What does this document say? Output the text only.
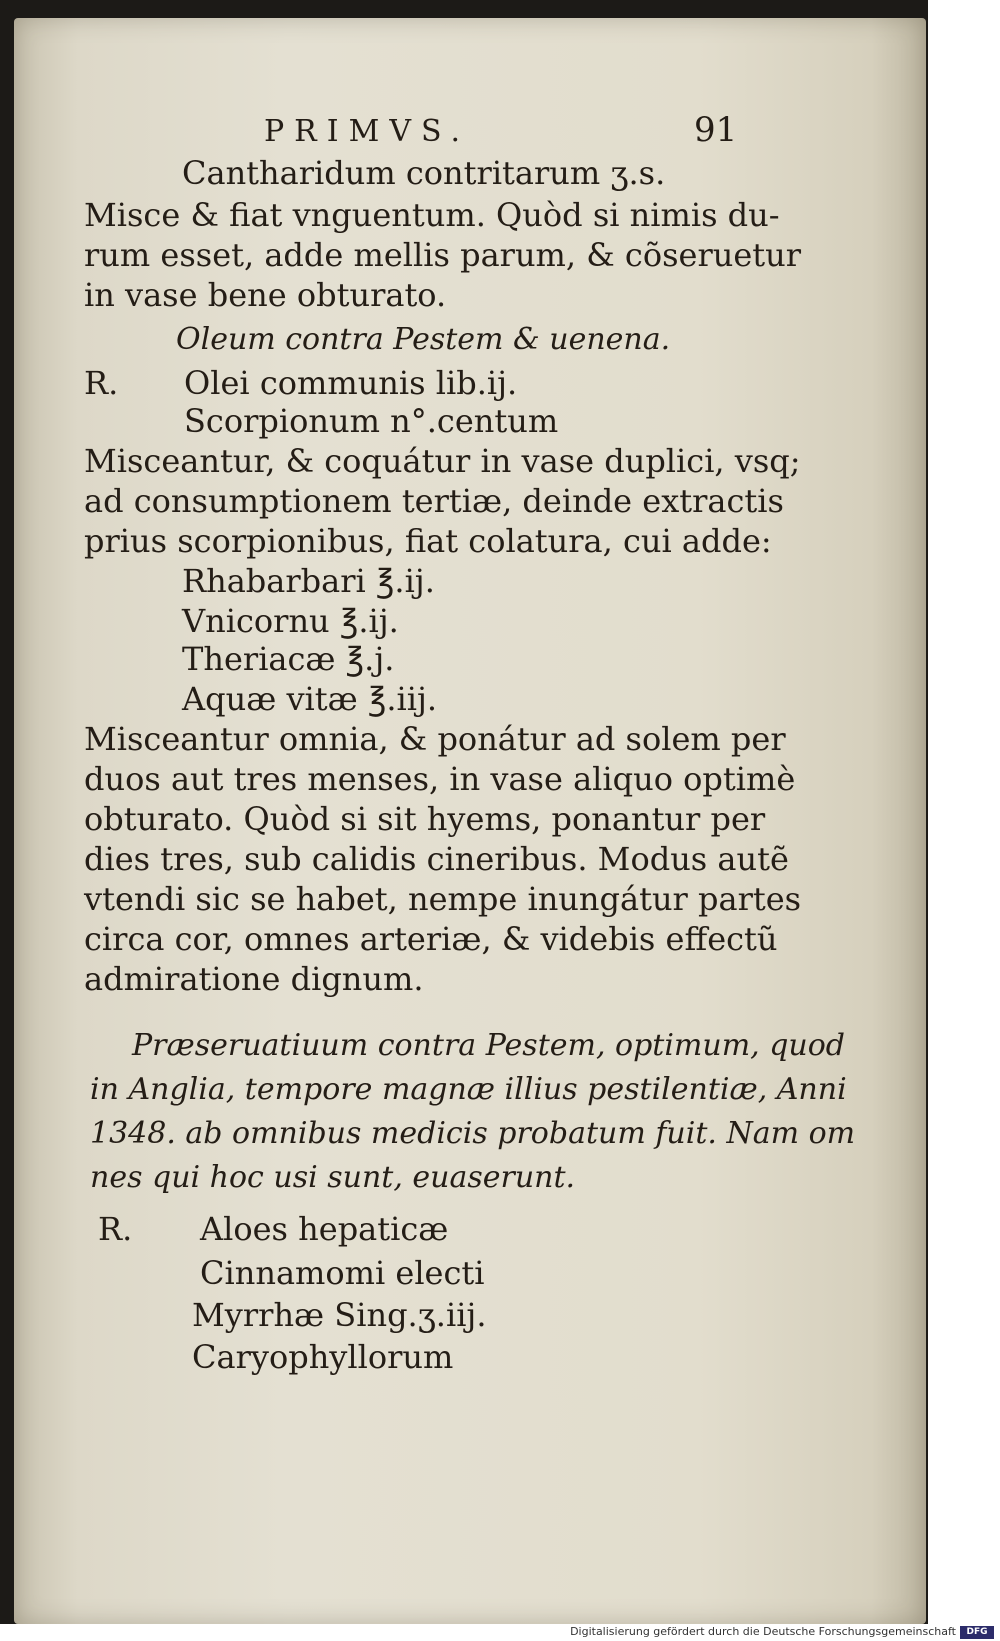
PRIMVS.	91
Cantharidum contritarum ʒ.s.
Misce & fiat vnguentum. Quòd si nimis du-
rum esset, adde mellis parum, & cõseruetur
in vase bene obturato.
Oleum contra Pestem & uenena.
R. Olei communis lib.ij.
Scorpionum n°.centum
Misceantur, & coquátur in vase duplici, vsq;
ad consumptionem tertiæ, deinde extractis
prius scorpionibus, fiat colatura, cui adde:
Rhabarbari ℥.ij.
Vnicornu ℥.ij.
Theriacæ ℥.j.
Aquæ vitæ ℥.iij.
Misceantur omnia, & ponátur ad solem per
duos aut tres menses, in vase aliquo optimè
obturato. Quòd si sit hyems, ponantur per
dies tres, sub calidis cineribus. Modus autẽ
vtendi sic se habet, nempe inungátur partes
circa cor, omnes arteriæ, & videbis effectũ
admiratione dignum.
Præseruatiuum contra Pestem, optimum, quod
in Anglia, tempore magnæ illius pestilentiæ, Anni
1348. ab omnibus medicis probatum fuit. Nam om
nes qui hoc usi sunt, euaserunt.
R. Aloes hepaticæ
Cinnamomi electi
Myrrhæ Sing.ʒ.iij.
Caryophyllorum
Digitalisierung gefördert durch die Deutsche Forschungsgemeinschaft	DFG
